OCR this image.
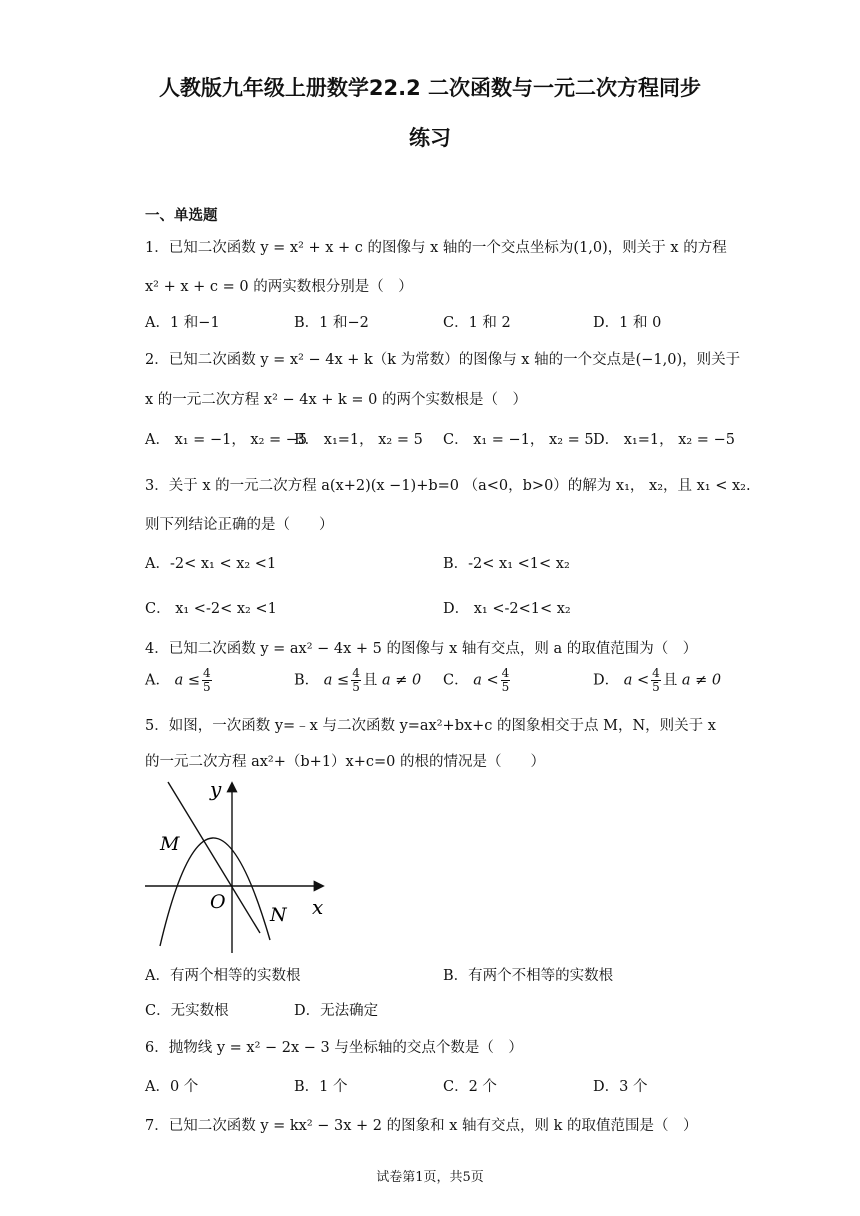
人教版九年级上册数学22.2 二次函数与一元二次方程同步
练习
一、单选题
1．已知二次函数 y = x² + x + c 的图像与 x 轴的一个交点坐标为(1,0)，则关于 x 的方程
x² + x + c = 0 的两实数根分别是（　）
A．1 和−1	B．1 和−2	C．1 和 2	D．1 和 0
2．已知二次函数 y = x² − 4x + k（k 为常数）的图像与 x 轴的一个交点是(−1,0)，则关于
x 的一元二次方程 x² − 4x + k = 0 的两个实数根是（　）
A． x₁ = −1， x₂ = −5
B． x₁=1， x₂ = 5 C． x₁ = −1， x₂ = 5 D． x₁=1， x₂ = −5
3．关于 x 的一元二次方程 a(x+2)(x −1)+b=0 （a<0，b>0）的解为 x₁， x₂，且 x₁ < x₂.
则下列结论正确的是（　　）
A．-2< x₁ < x₂ <1	B．-2< x₁ <1< x₂
C． x₁ <-2< x₂ <1	D． x₁ <-2<1< x₂
4．已知二次函数 y = ax² − 4x + 5 的图像与 x 轴有交点，则 a 的取值范围为（　）
A． $a \le \frac{4}{5}$	B． $a \le \frac{4}{5}$ 且 a ≠ 0 C． $a < \frac{4}{5}$	D． $a < \frac{4}{5}$ 且 a ≠ 0
5．如图，一次函数 y=﹣x 与二次函数 y=ax²+bx+c 的图象相交于点 M，N，则关于 x
的一元二次方程 ax²+（b+1）x+c=0 的根的情况是（　　）
y
x
O
M
N
A．有两个相等的实数根	B．有两个不相等的实数根
C．无实数根	D．无法确定
6．抛物线 y = x² − 2x − 3 与坐标轴的交点个数是（　）
A．0 个	B．1 个	C．2 个	D．3 个
7．已知二次函数 y = kx² − 3x + 2 的图象和 x 轴有交点，则 k 的取值范围是（　）
试卷第1页，共5页
